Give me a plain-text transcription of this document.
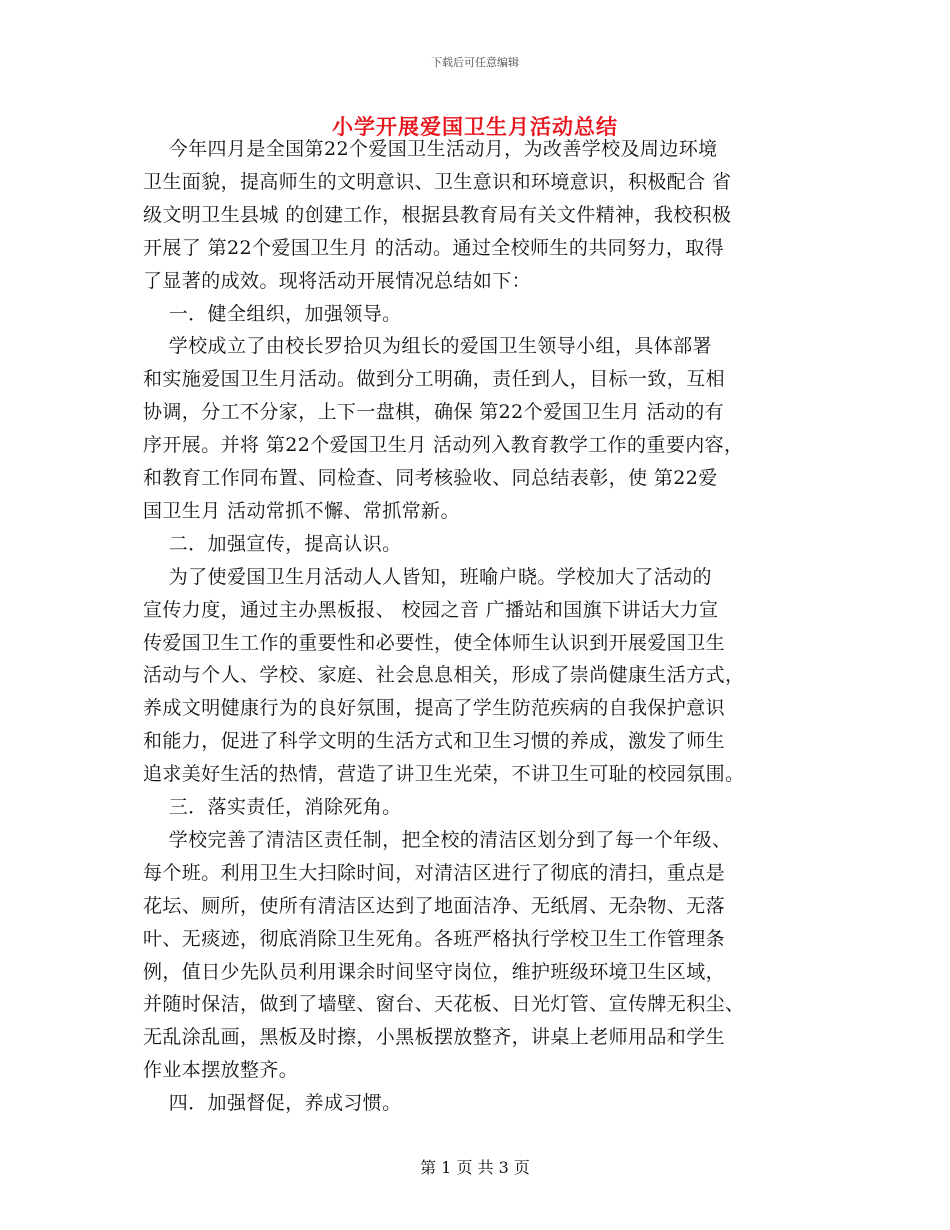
下载后可任意编辑
小学开展爱国卫生月活动总结
今年四月是全国第22个爱国卫生活动月，为改善学校及周边环境
卫生面貌，提高师生的文明意识、卫生意识和环境意识，积极配合 省
级文明卫生县城 的创建工作，根据县教育局有关文件精神，我校积极
开展了 第22个爱国卫生月 的活动。通过全校师生的共同努力，取得
了显著的成效。现将活动开展情况总结如下：
一．健全组织，加强领导。
学校成立了由校长罗拾贝为组长的爱国卫生领导小组，具体部署
和实施爱国卫生月活动。做到分工明确，责任到人，目标一致，互相
协调，分工不分家，上下一盘棋，确保 第22个爱国卫生月 活动的有
序开展。并将 第22个爱国卫生月 活动列入教育教学工作的重要内容，
和教育工作同布置、同检查、同考核验收、同总结表彰，使 第22爱
国卫生月 活动常抓不懈、常抓常新。
二．加强宣传，提高认识。
为了使爱国卫生月活动人人皆知，班喻户晓。学校加大了活动的
宣传力度，通过主办黑板报、 校园之音 广播站和国旗下讲话大力宣
传爱国卫生工作的重要性和必要性，使全体师生认识到开展爱国卫生
活动与个人、学校、家庭、社会息息相关，形成了崇尚健康生活方式，
养成文明健康行为的良好氛围，提高了学生防范疾病的自我保护意识
和能力，促进了科学文明的生活方式和卫生习惯的养成，激发了师生
追求美好生活的热情，营造了讲卫生光荣，不讲卫生可耻的校园氛围。
三．落实责任，消除死角。
学校完善了清洁区责任制，把全校的清洁区划分到了每一个年级、
每个班。利用卫生大扫除时间，对清洁区进行了彻底的清扫，重点是
花坛、厕所，使所有清洁区达到了地面洁净、无纸屑、无杂物、无落
叶、无痰迹，彻底消除卫生死角。各班严格执行学校卫生工作管理条
例，值日少先队员利用课余时间坚守岗位，维护班级环境卫生区域，
并随时保洁，做到了墙壁、窗台、天花板、日光灯管、宣传牌无积尘、
无乱涂乱画，黑板及时擦，小黑板摆放整齐，讲桌上老师用品和学生
作业本摆放整齐。
四．加强督促，养成习惯。
第 1 页 共 3 页
